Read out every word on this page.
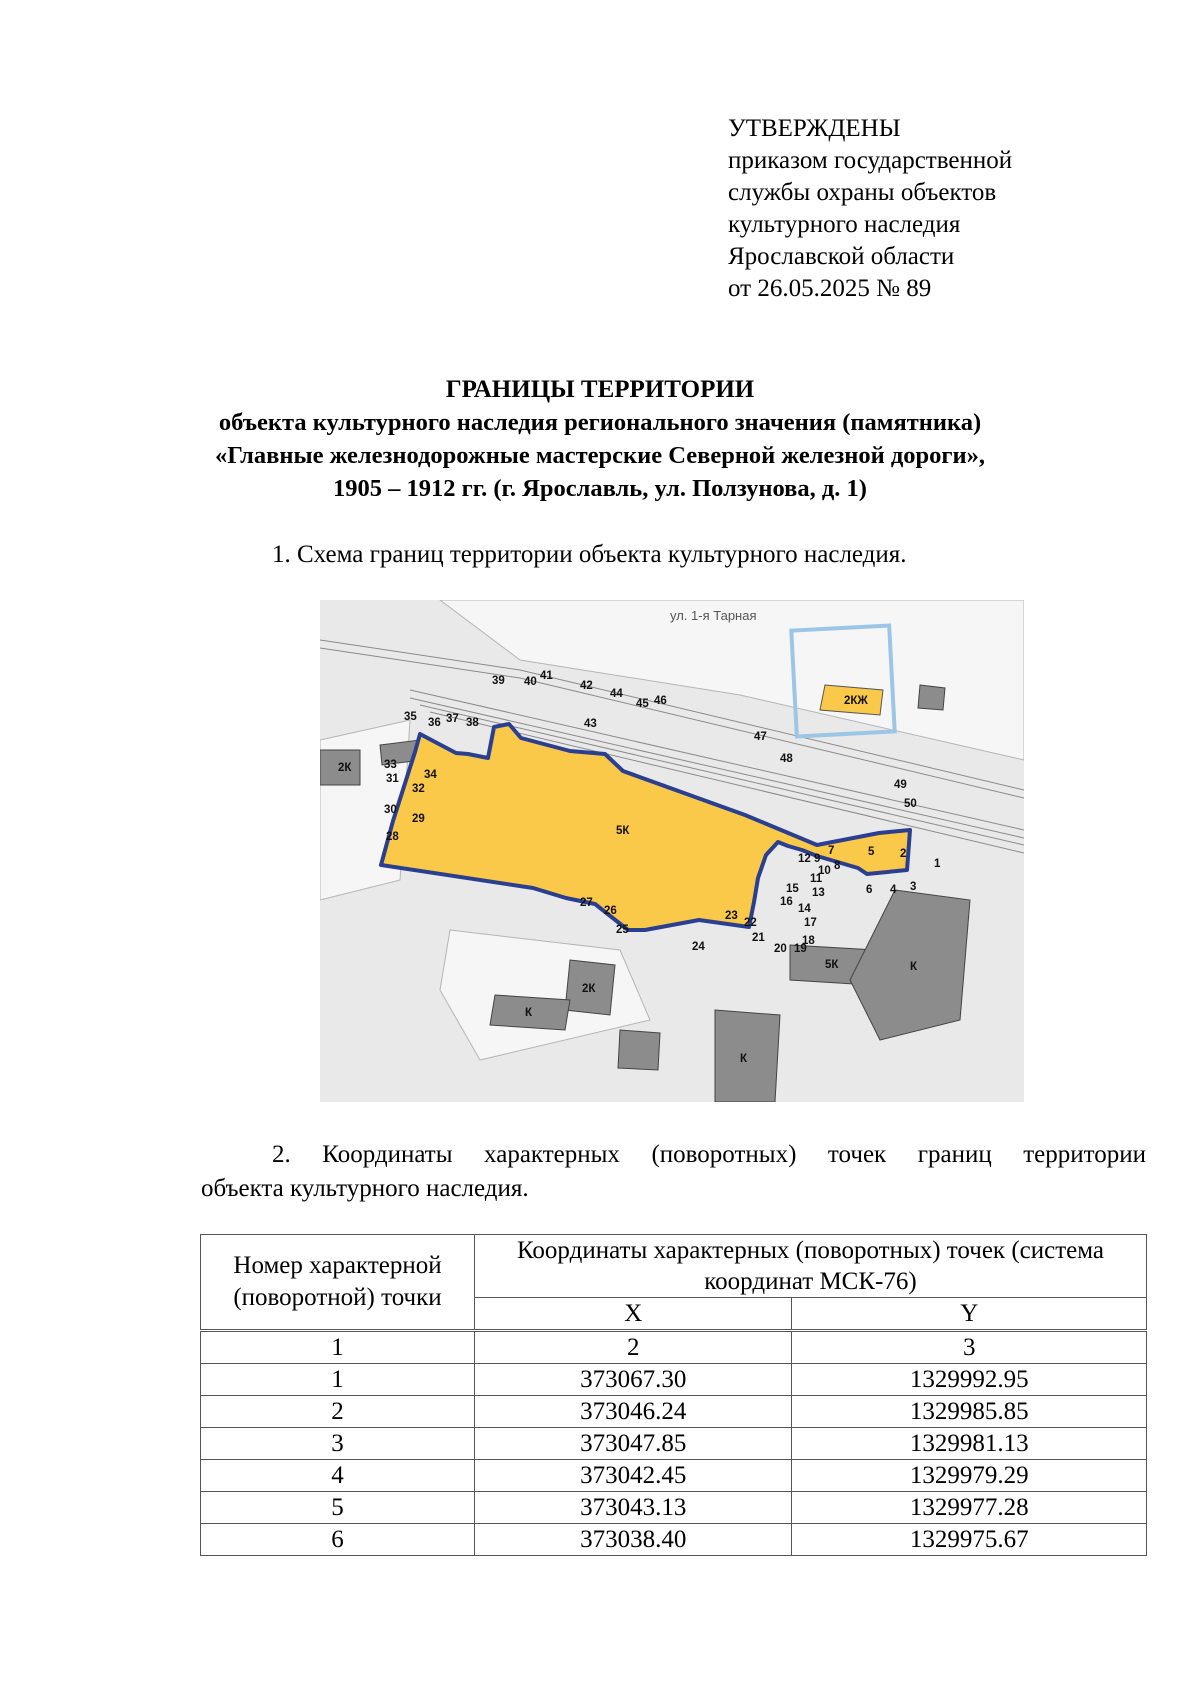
УТВЕРЖДЕНЫ
приказом государственной
службы охраны объектов
культурного наследия
Ярославской области
от 26.05.2025 № 89
ГРАНИЦЫ ТЕРРИТОРИИ
объекта культурного наследия регионального значения (памятника)
«Главные железнодорожные мастерские Северной железной дороги»,
1905 – 1912 гг. (г. Ярославль, ул. Ползунова, д. 1)
1. Схема границ территории объекта культурного наследия.
2КЖ
ул. 1-я Тарная
2К
2К
К
К
5К	К
5К
1
2
3
4
5
6
7
8
9
10
11
12
13
14
15
16
17
18
19
20
21
22
23
24
25
26
27
28
29
30
31
32
33
34
35 36 37 38
39 40 41
42
43
44
45 46
47
48
49
50
2. Координаты характерных (поворотных) точек границ территории
объекта культурного наследия.
Номер характерной (поворотной) точки	Координаты характерных (поворотных) точек (система координат МСК-76)	
	X	Y
1	2	3
1	373067.30	1329992.95
2	373046.24	1329985.85
3	373047.85	1329981.13
4	373042.45	1329979.29
5	373043.13	1329977.28
6	373038.40	1329975.67
